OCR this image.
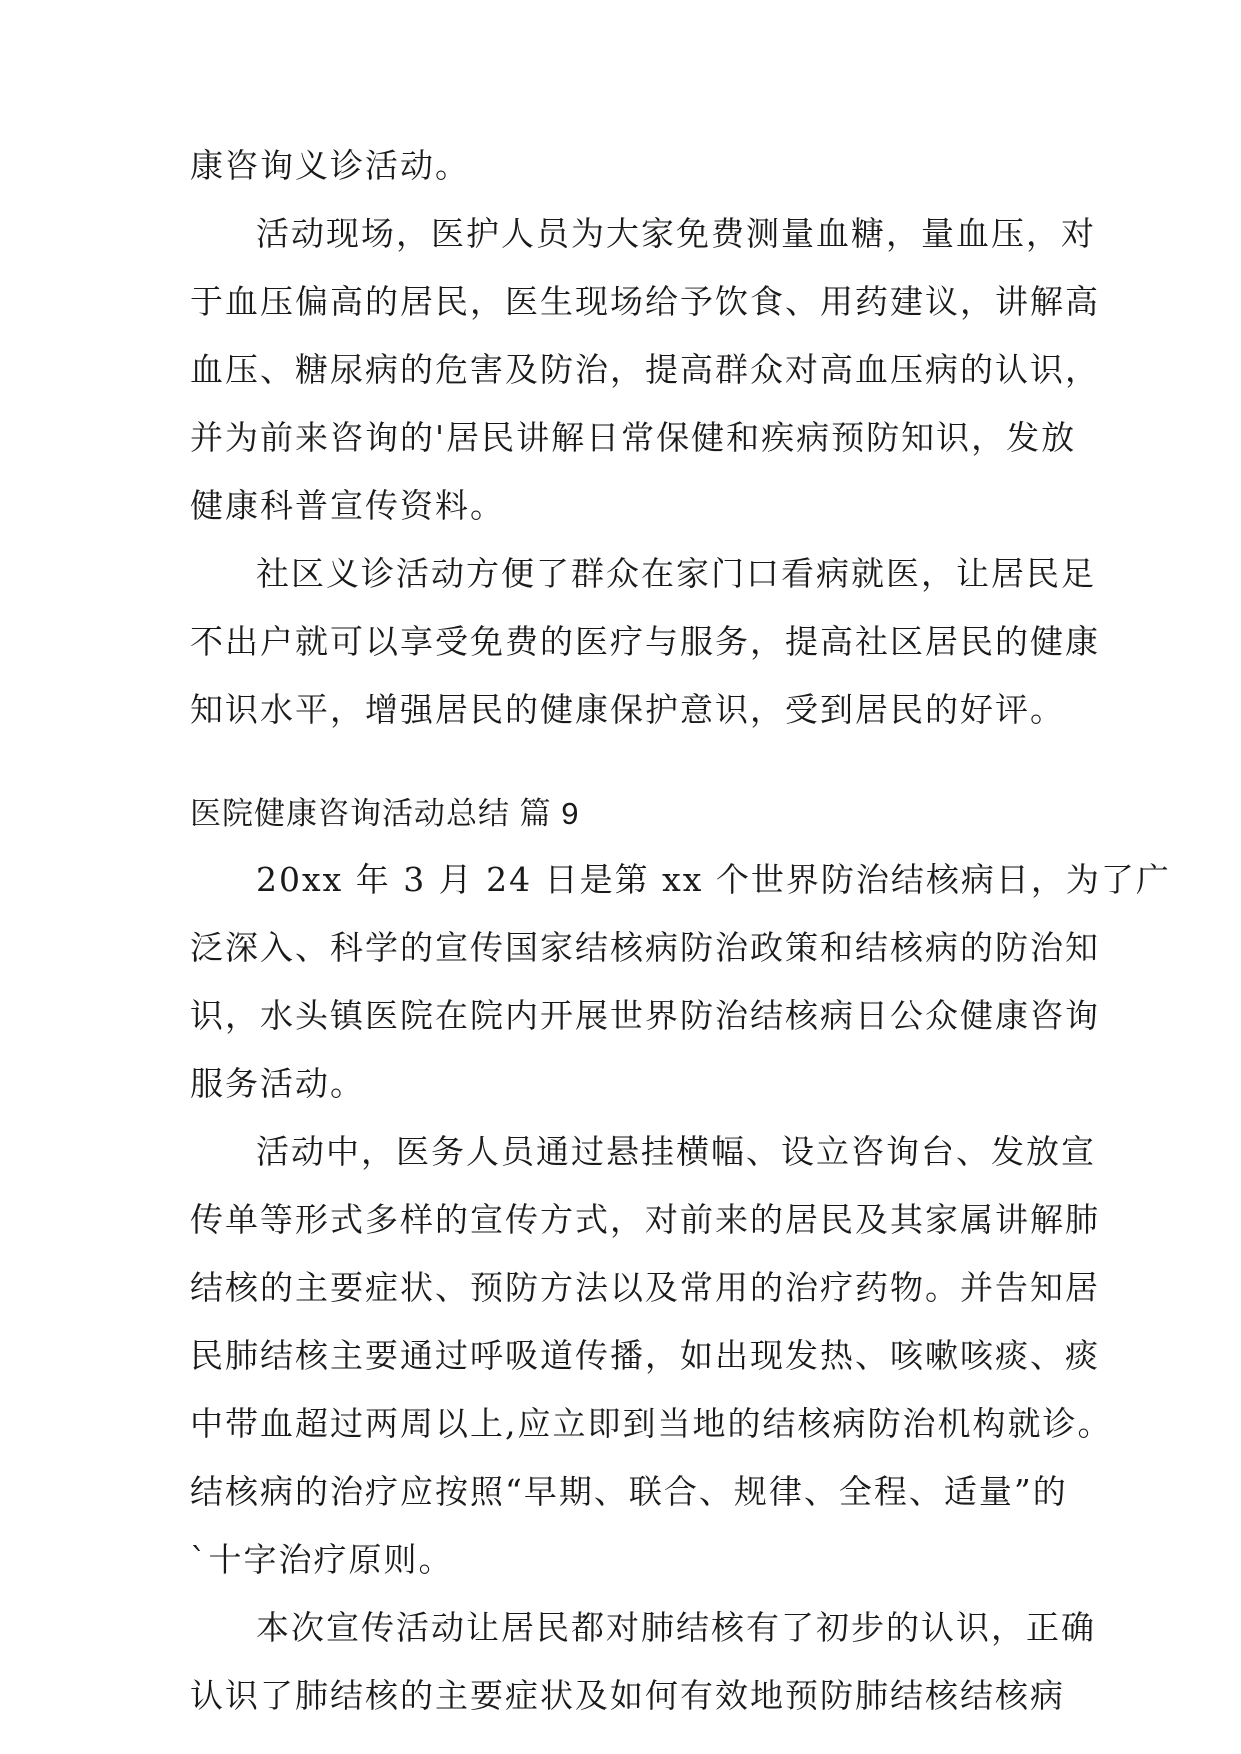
康咨询义诊活动。
活动现场，医护人员为大家免费测量血糖，量血压，对
于血压偏高的居民，医生现场给予饮食、用药建议，讲解高
血压、糖尿病的危害及防治，提高群众对高血压病的认识，
并为前来咨询的'居民讲解日常保健和疾病预防知识，发放
健康科普宣传资料。
社区义诊活动方便了群众在家门口看病就医，让居民足
不出户就可以享受免费的医疗与服务，提高社区居民的健康
知识水平，增强居民的健康保护意识，受到居民的好评。
医院健康咨询活动总结 篇 9
20xx 年 3 月 24 日是第 xx 个世界防治结核病日，为了广
泛深入、科学的宣传国家结核病防治政策和结核病的防治知
识，水头镇医院在院内开展世界防治结核病日公众健康咨询
服务活动。
活动中，医务人员通过悬挂横幅、设立咨询台、发放宣
传单等形式多样的宣传方式，对前来的居民及其家属讲解肺
结核的主要症状、预防方法以及常用的治疗药物。并告知居
民肺结核主要通过呼吸道传播，如出现发热、咳嗽咳痰、痰
中带血超过两周以上,应立即到当地的结核病防治机构就诊。
结核病的治疗应按照“早期、联合、规律、全程、适量”的
`十字治疗原则。
本次宣传活动让居民都对肺结核有了初步的认识，正确
认识了肺结核的主要症状及如何有效地预防肺结核结核病
